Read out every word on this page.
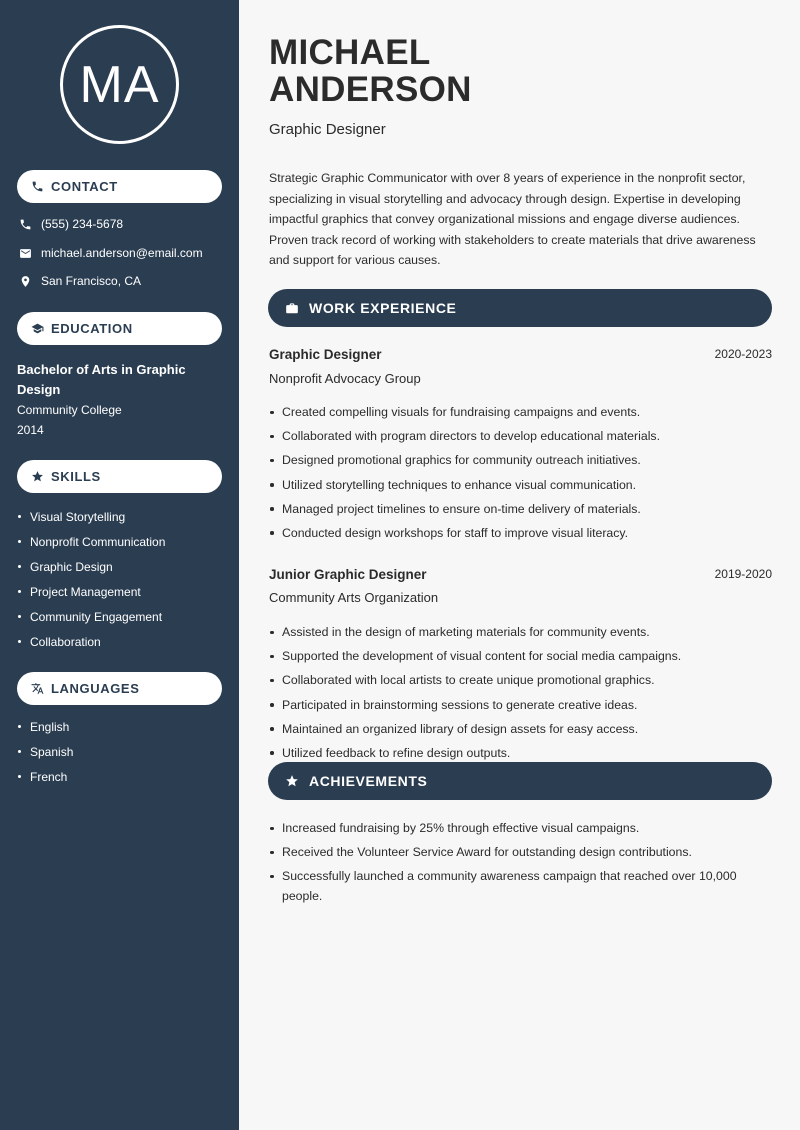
MA
CONTACT
(555) 234-5678
michael.anderson@email.com
San Francisco, CA
EDUCATION
Bachelor of Arts in Graphic Design
Community College
2014
SKILLS
Visual Storytelling
Nonprofit Communication
Graphic Design
Project Management
Community Engagement
Collaboration
LANGUAGES
English
Spanish
French
MICHAEL
ANDERSON
Graphic Designer

Strategic Graphic Communicator with over 8 years of experience in the nonprofit sector, specializing in visual storytelling and advocacy through design. Expertise in developing impactful graphics that convey organizational missions and engage diverse audiences. Proven track record of working with stakeholders to create materials that drive awareness and support for various causes.

WORK EXPERIENCE
Graphic Designer	2020-2023
Nonprofit Advocacy Group
Created compelling visuals for fundraising campaigns and events.
Collaborated with program directors to develop educational materials.
Designed promotional graphics for community outreach initiatives.
Utilized storytelling techniques to enhance visual communication.
Managed project timelines to ensure on-time delivery of materials.
Conducted design workshops for staff to improve visual literacy.
Junior Graphic Designer	2019-2020
Community Arts Organization
Assisted in the design of marketing materials for community events.
Supported the development of visual content for social media campaigns.
Collaborated with local artists to create unique promotional graphics.
Participated in brainstorming sessions to generate creative ideas.
Maintained an organized library of design assets for easy access.
Utilized feedback to refine design outputs.
ACHIEVEMENTS
Increased fundraising by 25% through effective visual campaigns.
Received the Volunteer Service Award for outstanding design contributions.
Successfully launched a community awareness campaign that reached over 10,000 people.
